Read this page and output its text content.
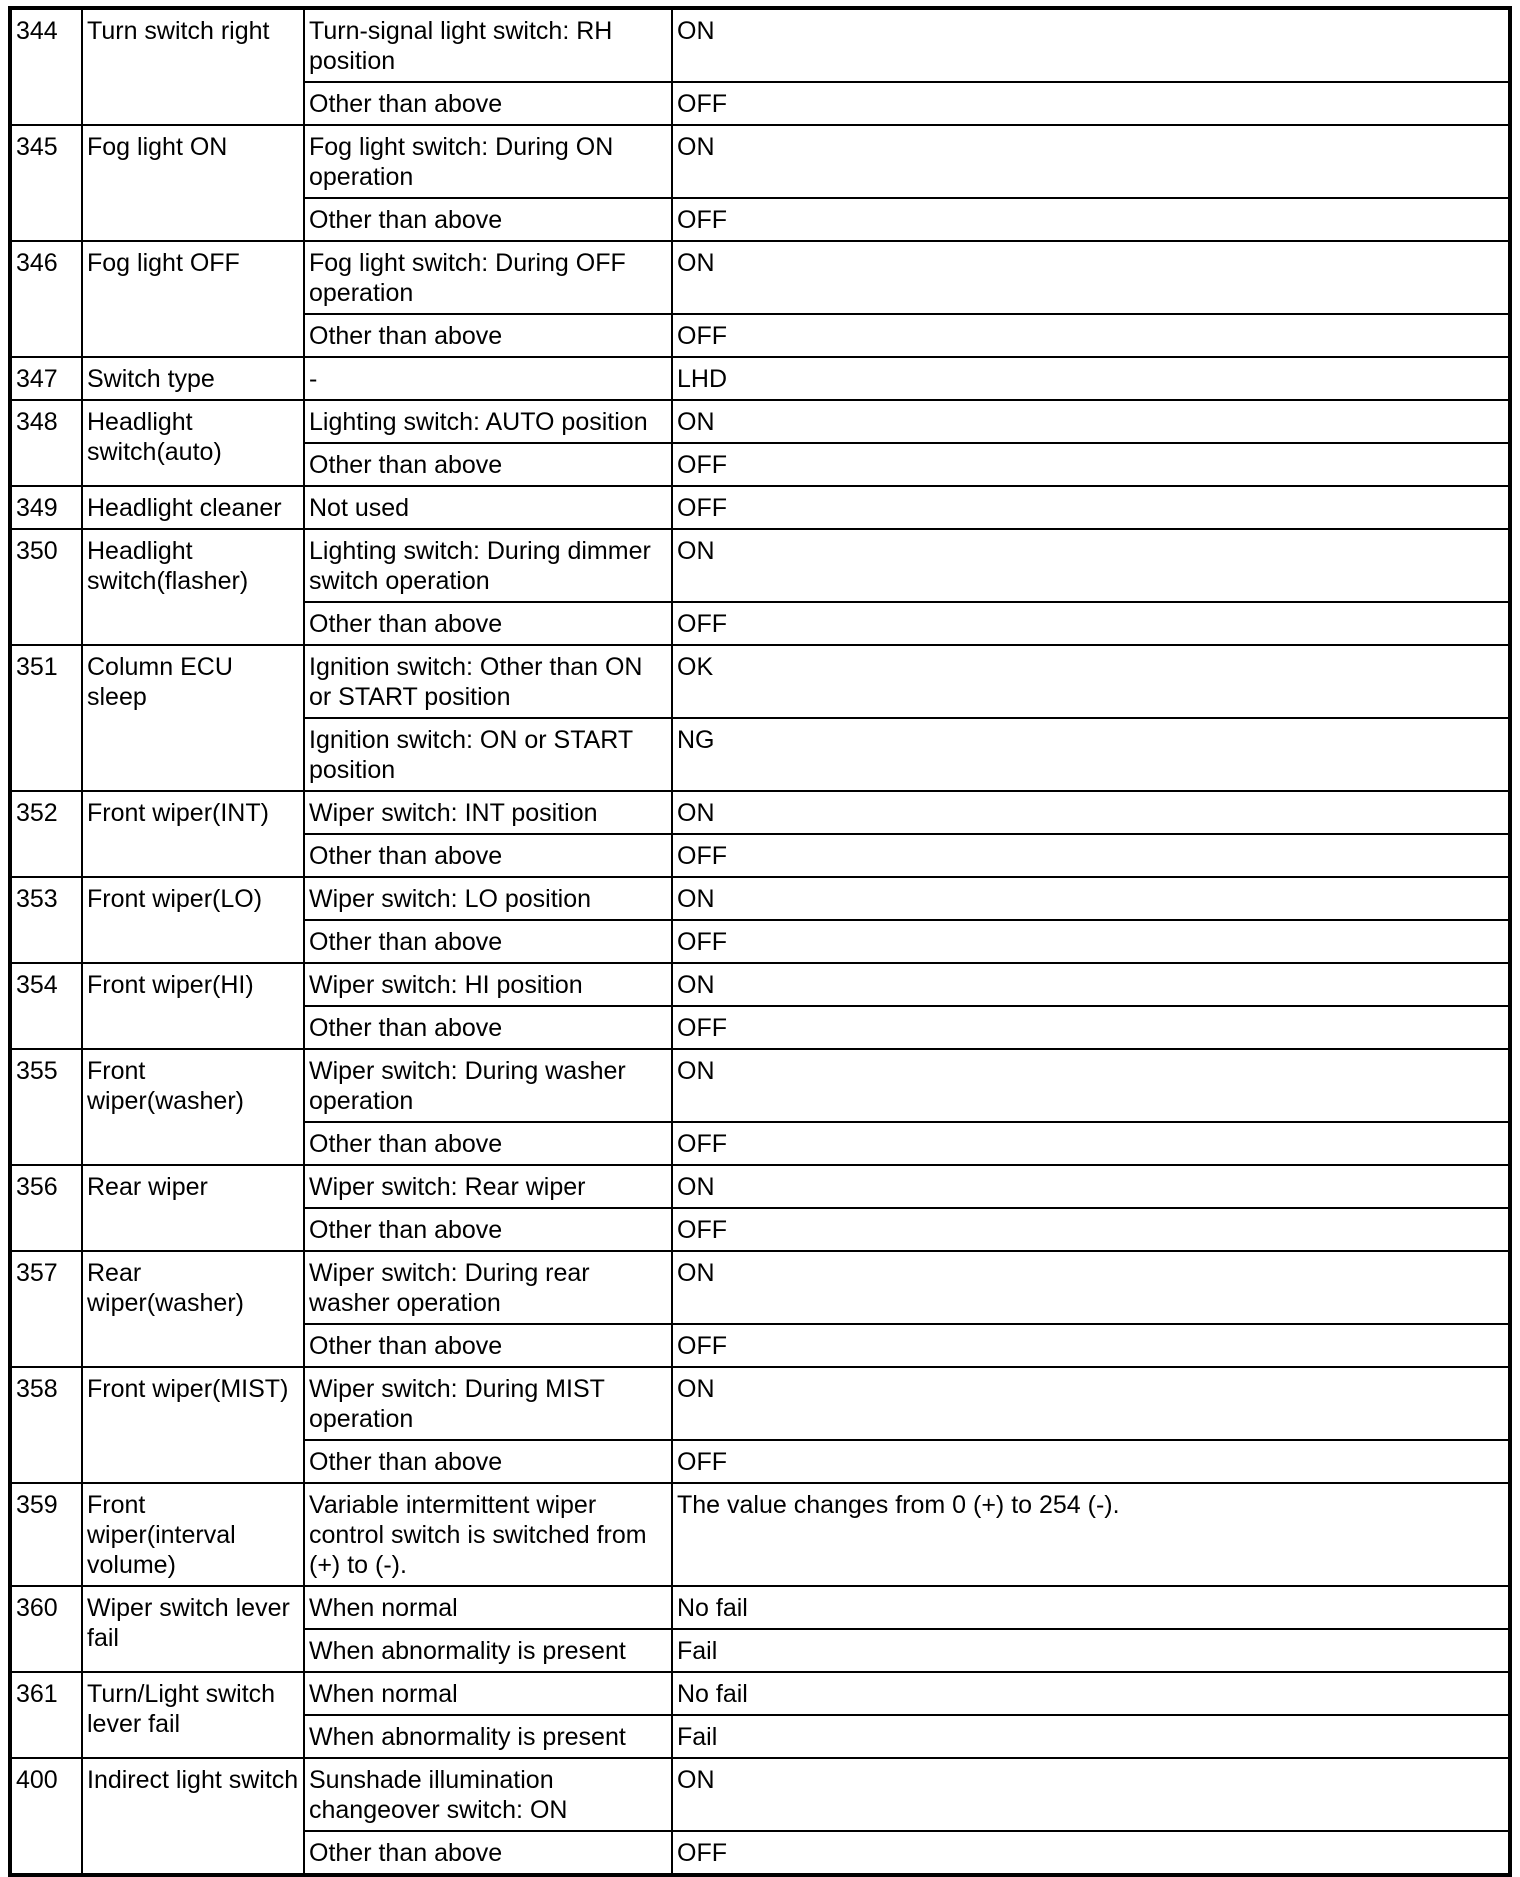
344	Turn switch right	Turn-signal light switch: RH position	ON
		Other than above	OFF
345	Fog light ON	Fog light switch: During ON operation	ON
		Other than above	OFF
346	Fog light OFF	Fog light switch: During OFF operation	ON
		Other than above	OFF
347	Switch type	-	LHD
348	Headlight switch(auto)	Lighting switch: AUTO position	ON
		Other than above	OFF
349	Headlight cleaner	Not used	OFF
350	Headlight switch(flasher)	Lighting switch: During dimmer switch operation	ON
		Other than above	OFF
351	Column ECU sleep	Ignition switch: Other than ON or START position	OK
		Ignition switch: ON or START position	NG
352	Front wiper(INT)	Wiper switch: INT position	ON
		Other than above	OFF
353	Front wiper(LO)	Wiper switch: LO position	ON
		Other than above	OFF
354	Front wiper(HI)	Wiper switch: HI position	ON
		Other than above	OFF
355	Front wiper(washer)	Wiper switch: During washer operation	ON
		Other than above	OFF
356	Rear wiper	Wiper switch: Rear wiper	ON
		Other than above	OFF
357	Rear wiper(washer)	Wiper switch: During rear washer operation	ON
		Other than above	OFF
358	Front wiper(MIST)	Wiper switch: During MIST operation	ON
		Other than above	OFF
359	Front wiper(interval volume)	Variable intermittent wiper control switch is switched from (+) to (-).	The value changes from 0 (+) to 254 (-).
360	Wiper switch lever fail	When normal	No fail
		When abnormality is present	Fail
361	Turn/Light switch lever fail	When normal	No fail
		When abnormality is present	Fail
400	Indirect light switch	Sunshade illumination changeover switch: ON	ON
		Other than above	OFF
